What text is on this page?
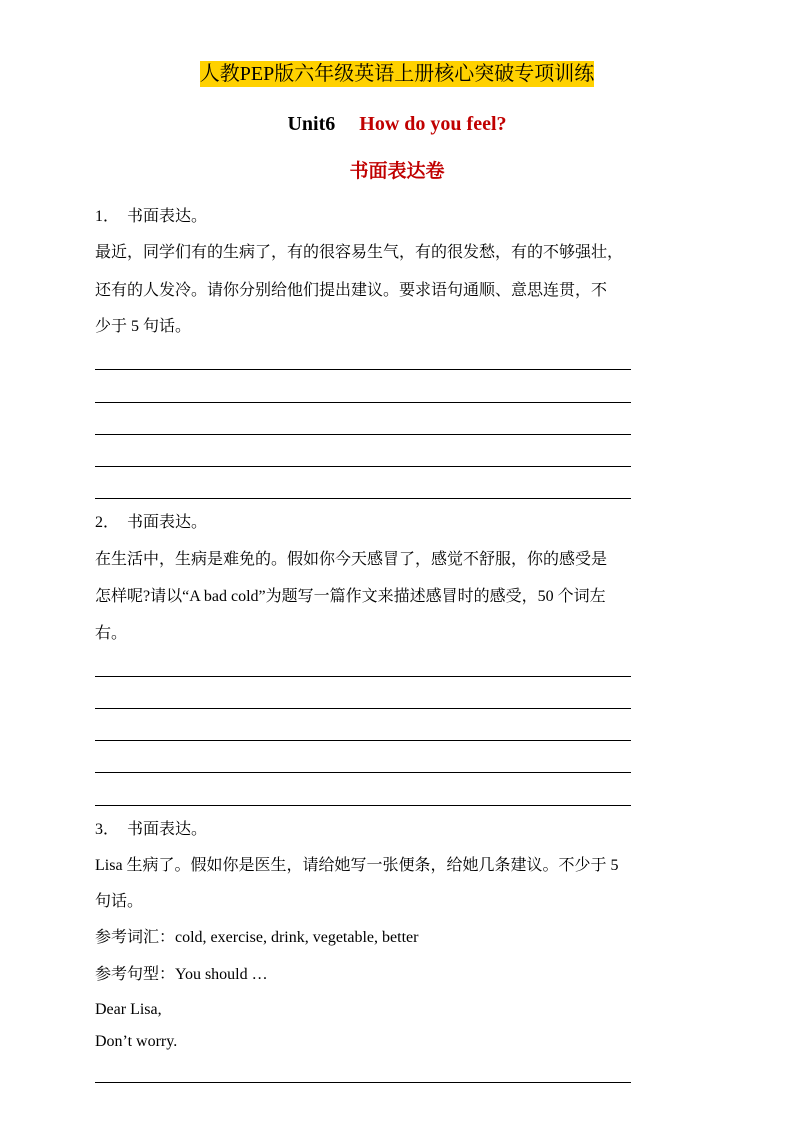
人教PEP版六年级英语上册核心突破专项训练
Unit6 How do you feel?
书面表达卷
1．　书面表达。
最近，同学们有的生病了，有的很容易生气，有的很发愁，有的不够强壮，
还有的人发冷。请你分别给他们提出建议。要求语句通顺、意思连贯，不
少于 5 句话。
2．　书面表达。
在生活中，生病是难免的。假如你今天感冒了，感觉不舒服，你的感受是
怎样呢?请以“A bad cold”为题写一篇作文来描述感冒时的感受，50 个词左
右。
3．　书面表达。
Lisa 生病了。假如你是医生，请给她写一张便条，给她几条建议。不少于 5
句话。
参考词汇：cold, exercise, drink, vegetable, better
参考句型：You should …
Dear Lisa,
Don’t worry.
